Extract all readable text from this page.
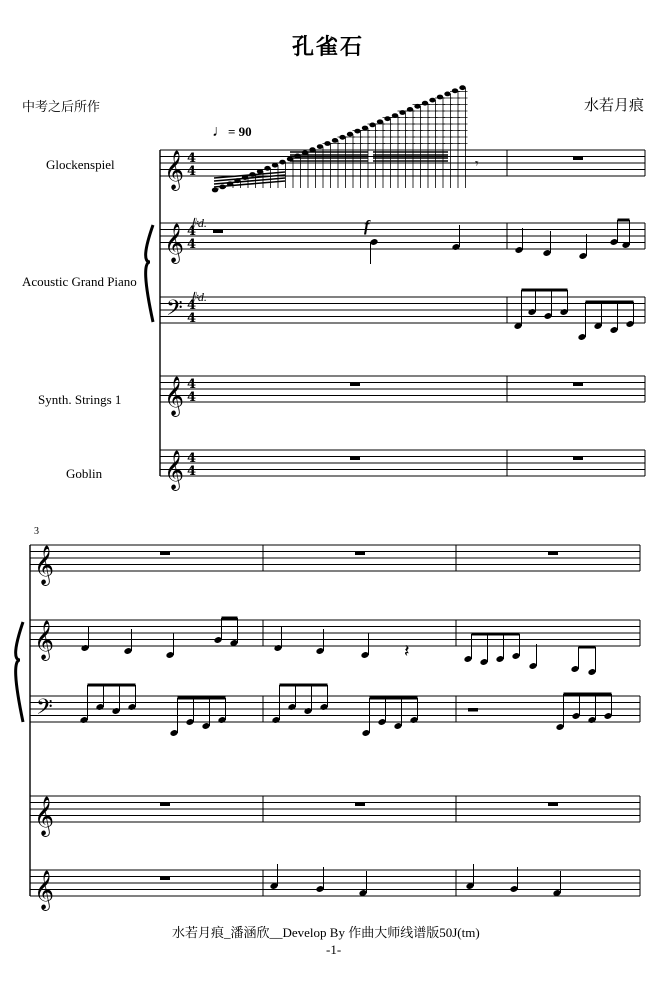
孔雀石
中考之后所作	水若月痕
♩= 90
Glockenspiel
Acoustic Grand Piano
Synth. Strings 1
Goblin
f
𝄆d.
𝄆d.
3
水若月痕_潘涵欣__Develop By 作曲大师线谱版50J(tm)
-1-
𝄞 4
4
𝄞 4
4
𝄢 4
4
𝄞 4
4
𝄞 4
4
𝄾
𝄞
𝄞
𝄢
𝄞
𝄞
𝄽
